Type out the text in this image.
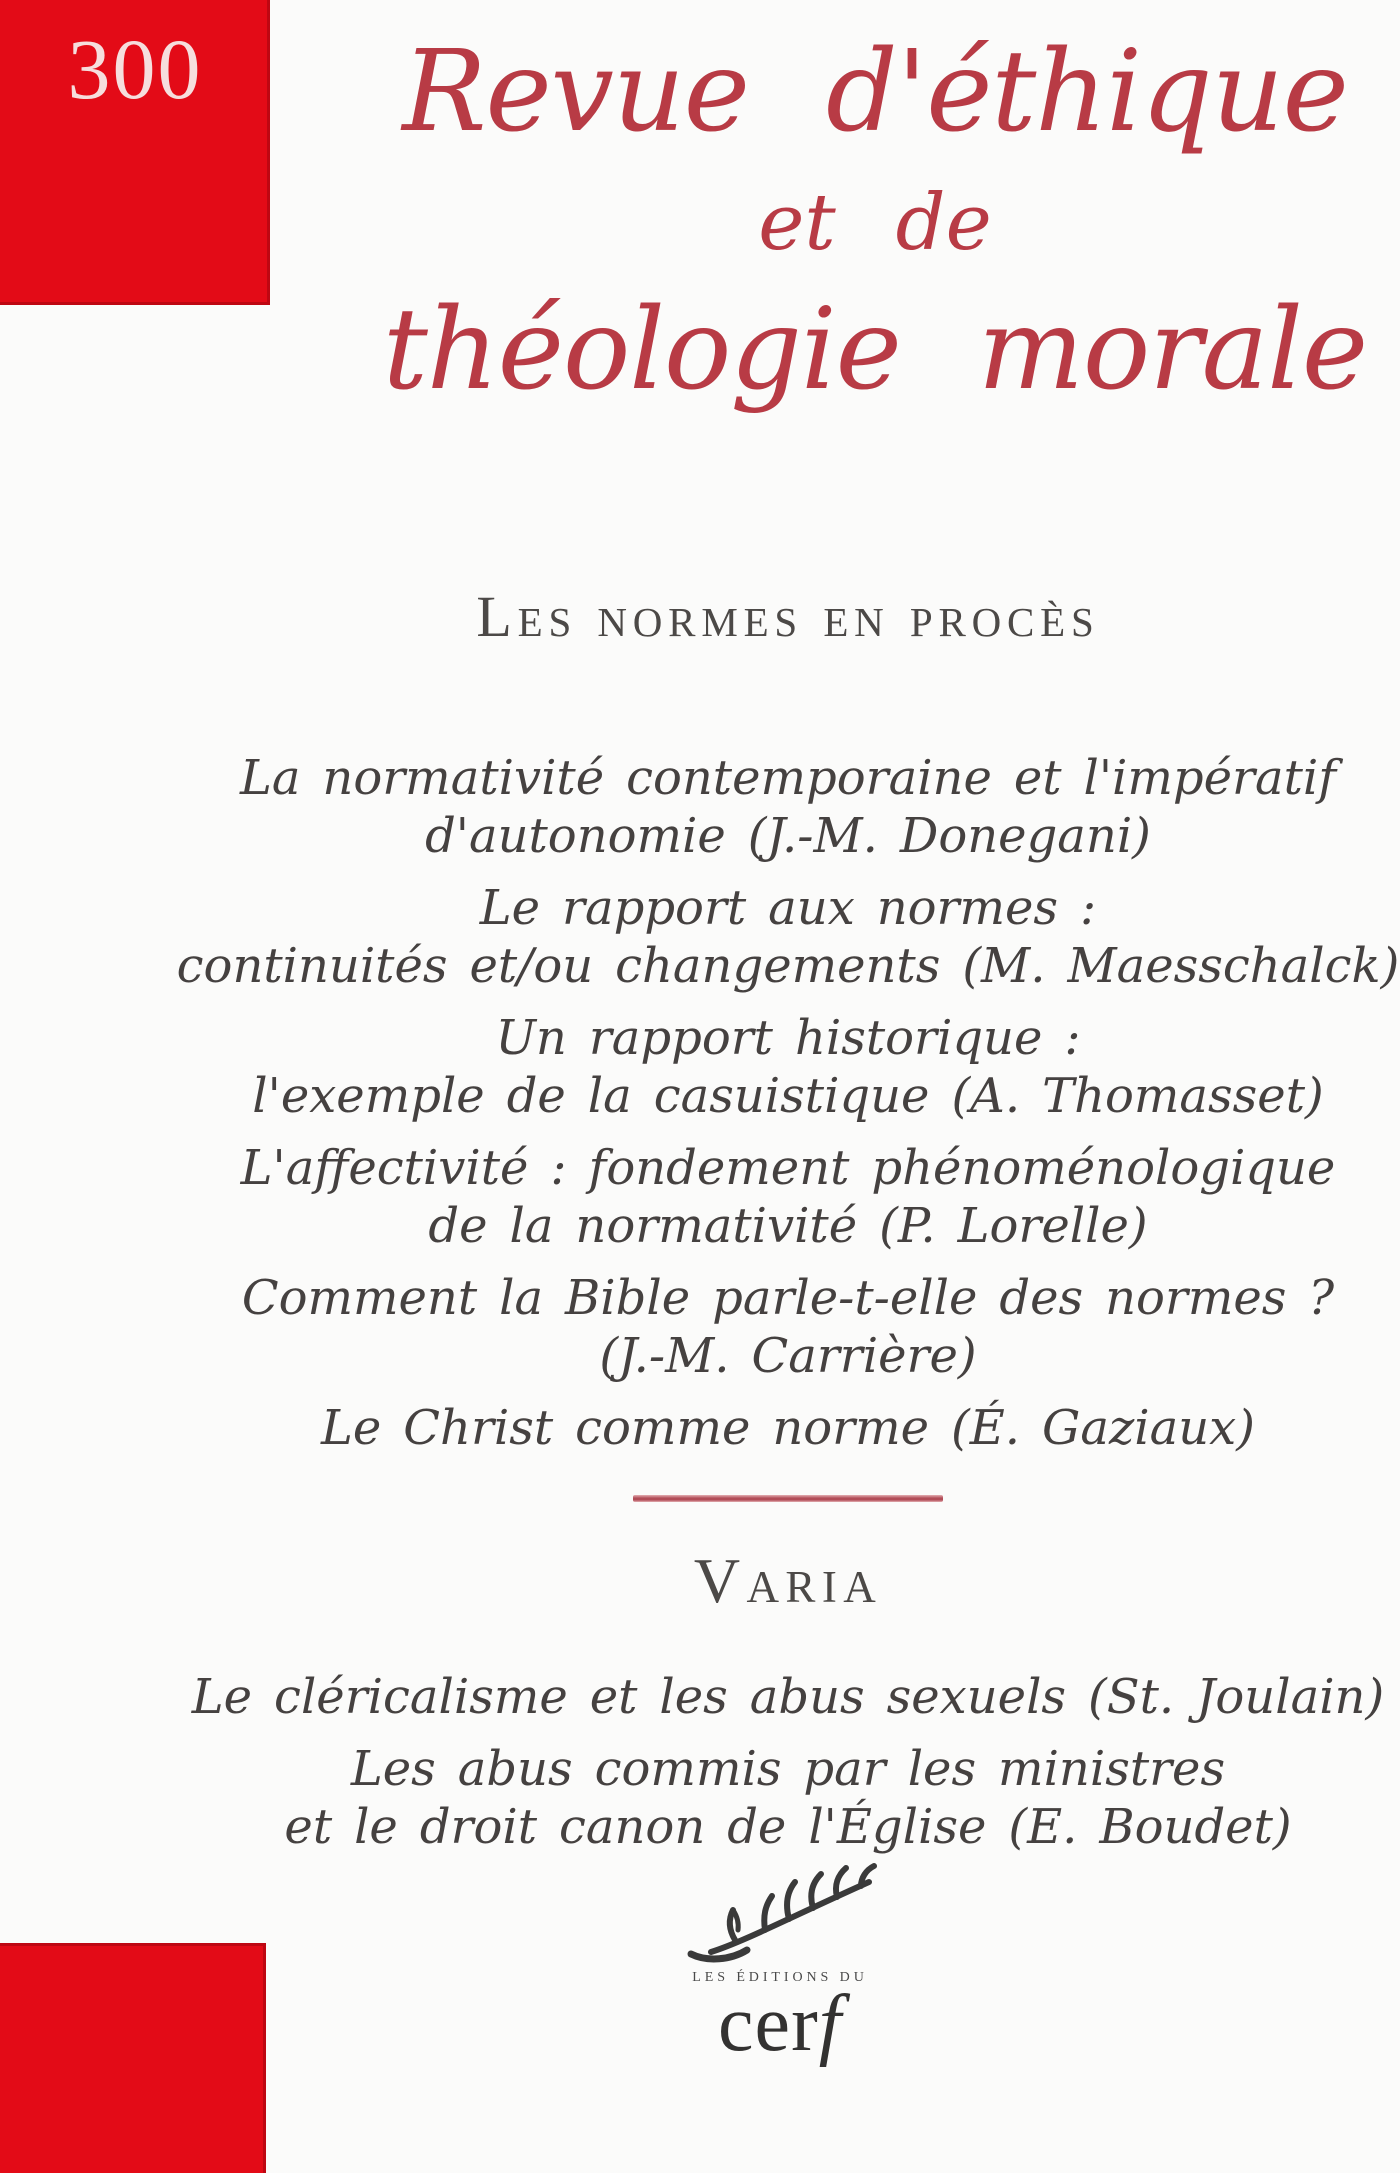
300	Revue d'éthique
et de
théologie morale
Les normes en procès
La normativité contemporaine et l'impératif
d'autonomie (J.-M. Donegani)
Le rapport aux normes :
continuités et/ou changements (M. Maesschalck)
Un rapport historique :
l'exemple de la casuistique (A. Thomasset)
L'affectivité : fondement phénoménologique
de la normativité (P. Lorelle)
Comment la Bible parle-t-elle des normes ?
(J.-M. Carrière)
Le Christ comme norme (É. Gaziaux)
Varia
Le cléricalisme et les abus sexuels (St. Joulain)
Les abus commis par les ministres
et le droit canon de l'Église (E. Boudet)
LES ÉDITIONS DU
cerf
